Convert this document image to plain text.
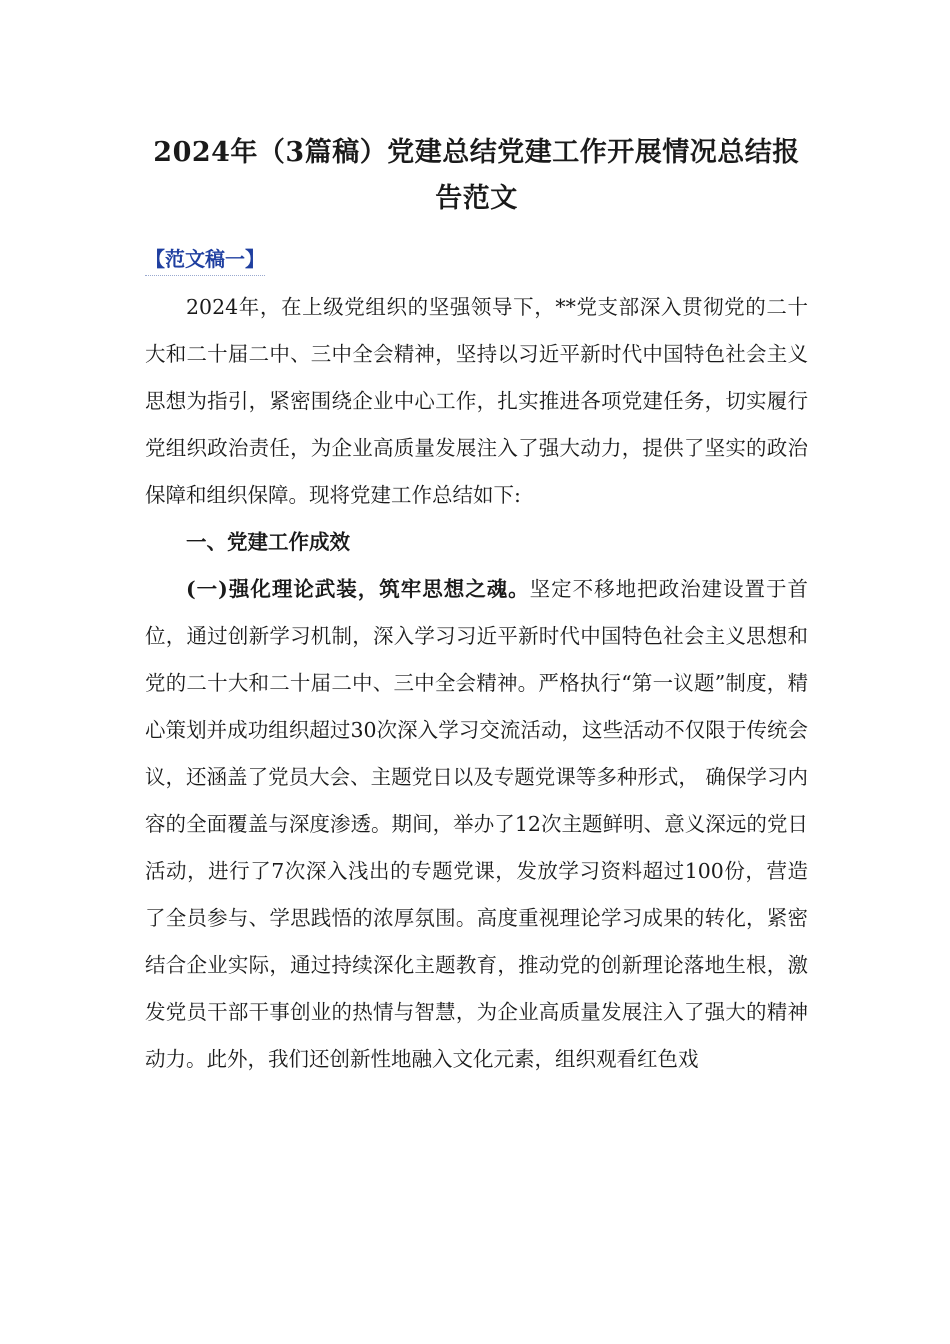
2024年（3篇稿）党建总结党建工作开展情况总结报告范文
【范文稿一】

2024年，在上级党组织的坚强领导下，**党支部深入贯彻党的二十大和二十届二中、三中全会精神，坚持以习近平新时代中国特色社会主义思想为指引，紧密围绕企业中心工作，扎实推进各项党建任务，切实履行党组织政治责任，为企业高质量发展注入了强大动力，提供了坚实的政治保障和组织保障。现将党建工作总结如下:

一、党建工作成效

(一)强化理论武装，筑牢思想之魂。坚定不移地把政治建设置于首位，通过创新学习机制，深入学习习近平新时代中国特色社会主义思想和党的二十大和二十届二中、三中全会精神。严格执行“第一议题”制度，精心策划并成功组织超过30次深入学习交流活动，这些活动不仅限于传统会议，还涵盖了党员大会、主题党日以及专题党课等多种形式， 确保学习内容的全面覆盖与深度渗透。期间，举办了12次主题鲜明、意义深远的党日活动，进行了7次深入浅出的专题党课，发放学习资料超过100份，营造了全员参与、学思践悟的浓厚氛围。高度重视理论学习成果的转化，紧密结合企业实际，通过持续深化主题教育，推动党的创新理论落地生根，激发党员干部干事创业的热情与智慧，为企业高质量发展注入了强大的精神动力。此外，我们还创新性地融入文化元素，组织观看红色戏
